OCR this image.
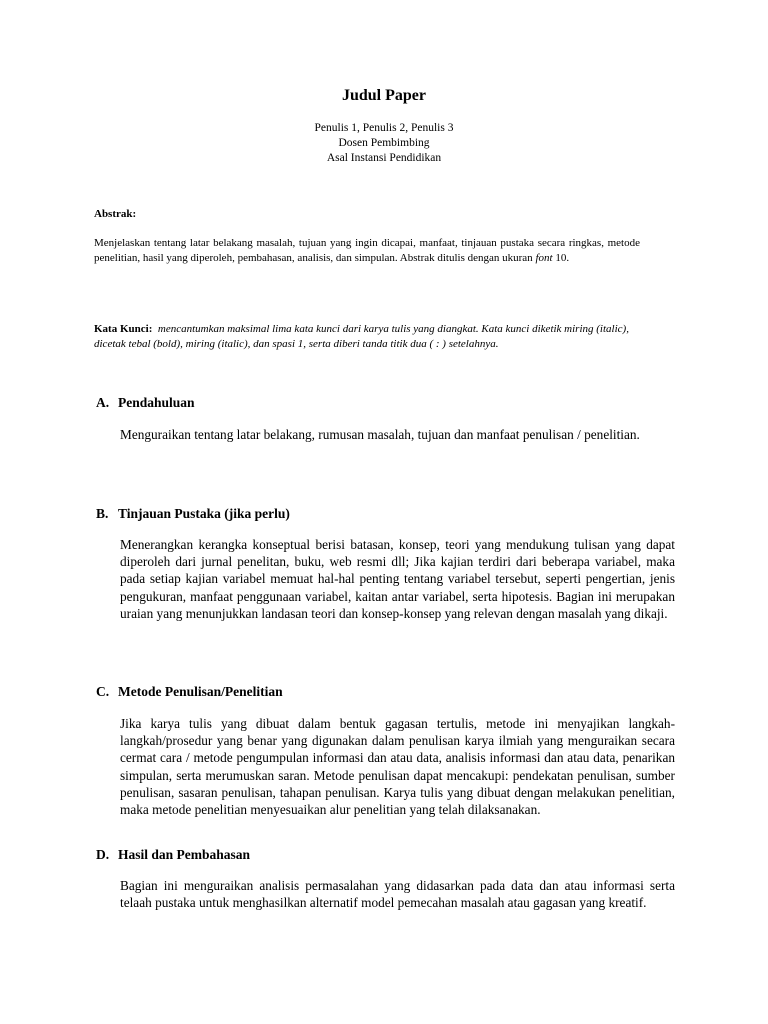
Judul Paper
Penulis 1, Penulis 2, Penulis 3
Dosen Pembimbing
Asal Instansi Pendidikan
Abstrak:

Menjelaskan tentang latar belakang masalah, tujuan yang ingin dicapai, manfaat, tinjauan pustaka secara ringkas, metode penelitian, hasil yang diperoleh, pembahasan, analisis, dan simpulan. Abstrak ditulis dengan ukuran font 10.

Kata Kunci: mencantumkan maksimal lima kata kunci dari karya tulis yang diangkat. Kata kunci diketik miring (italic), dicetak tebal (bold), miring (italic), dan spasi 1, serta diberi tanda titik dua ( : ) setelahnya.

A. Pendahuluan

Menguraikan tentang latar belakang, rumusan masalah, tujuan dan manfaat penulisan / penelitian.

B. Tinjauan Pustaka (jika perlu)

Menerangkan kerangka konseptual berisi batasan, konsep, teori yang mendukung tulisan yang dapat diperoleh dari jurnal penelitan, buku, web resmi dll; Jika kajian terdiri dari beberapa variabel, maka pada setiap kajian variabel memuat hal-hal penting tentang variabel tersebut, seperti pengertian, jenis pengukuran, manfaat penggunaan variabel, kaitan antar variabel, serta hipotesis. Bagian ini merupakan uraian yang menunjukkan landasan teori dan konsep-konsep yang relevan dengan masalah yang dikaji.

C. Metode Penulisan/Penelitian

Jika karya tulis yang dibuat dalam bentuk gagasan tertulis, metode ini menyajikan langkah-langkah/prosedur yang benar yang digunakan dalam penulisan karya ilmiah yang menguraikan secara cermat cara / metode pengumpulan informasi dan atau data, analisis informasi dan atau data, penarikan simpulan, serta merumuskan saran. Metode penulisan dapat mencakupi: pendekatan penulisan, sumber penulisan, sasaran penulisan, tahapan penulisan. Karya tulis yang dibuat dengan melakukan penelitian, maka metode penelitian menyesuaikan alur penelitian yang telah dilaksanakan.

D. Hasil dan Pembahasan

Bagian ini menguraikan analisis permasalahan yang didasarkan pada data dan atau informasi serta telaah pustaka untuk menghasilkan alternatif model pemecahan masalah atau gagasan yang kreatif.
